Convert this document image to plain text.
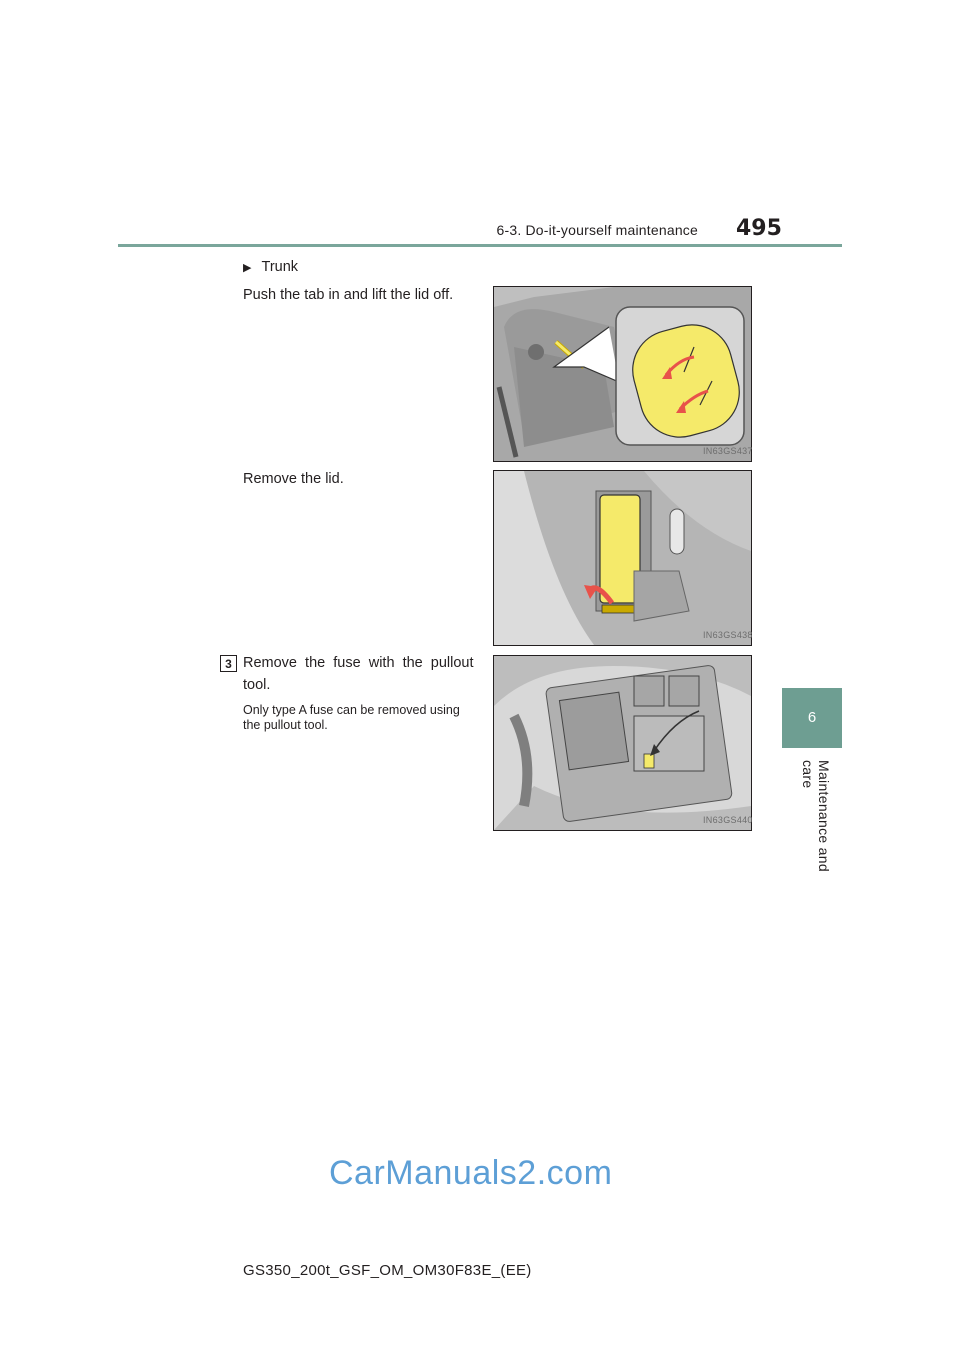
6-3. Do-it-yourself maintenance 495
6
Maintenance and care
▶ Trunk
Push the tab in and lift the lid off.
IN63GS437
Remove the lid.
IN63GS438
3 Remove  the  fuse  with  the  pullout
tool.
Only type A fuse can be removed using
the pullout tool.
IN63GS440
CarManuals2.com
GS350_200t_GSF_OM_OM30F83E_(EE)
